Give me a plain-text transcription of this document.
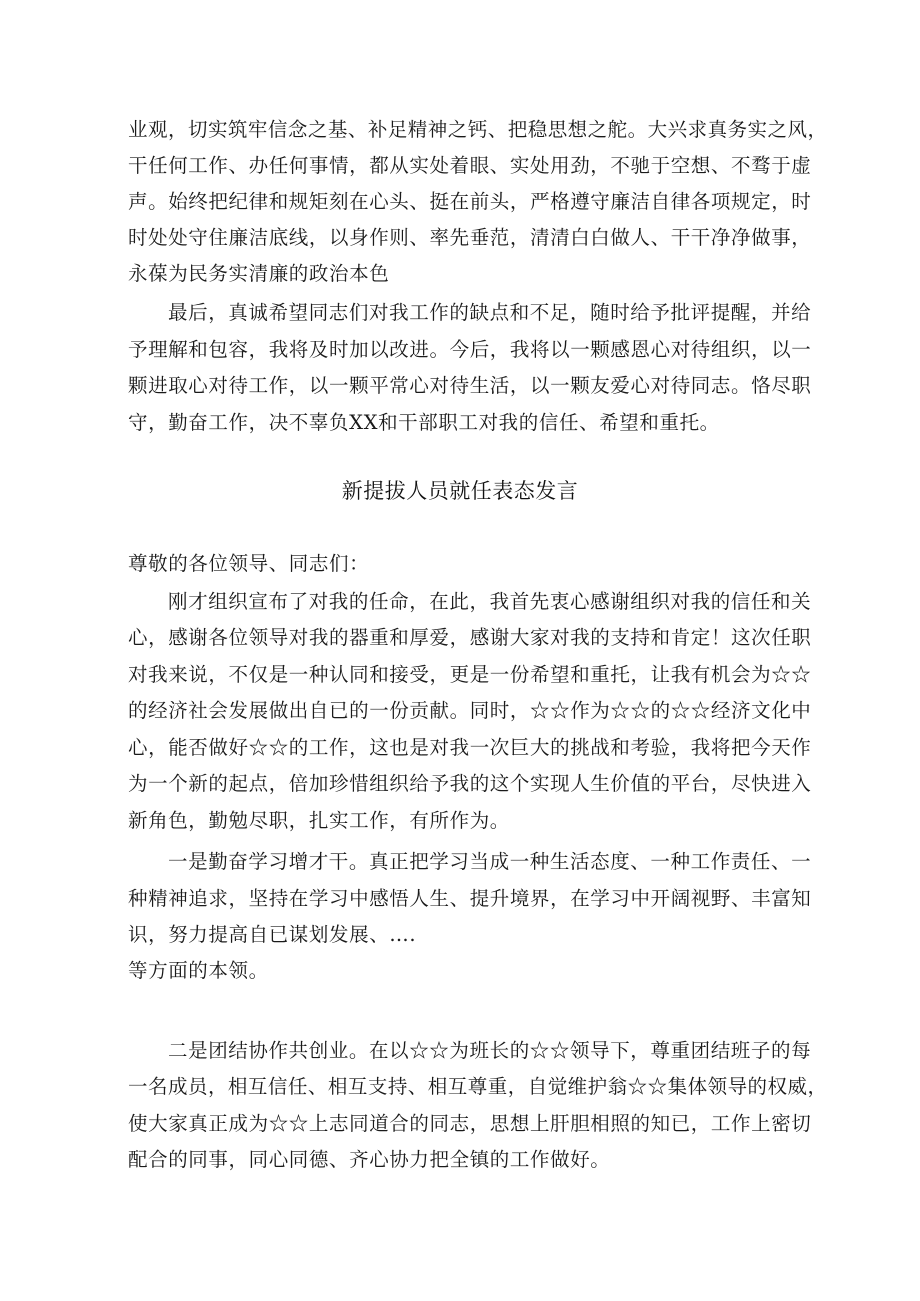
业观，切实筑牢信念之基、补足精神之钙、把稳思想之舵。大兴求真务实之风，
干任何工作、办任何事情，都从实处着眼、实处用劲，不驰于空想、不骛于虚
声。始终把纪律和规矩刻在心头、挺在前头，严格遵守廉洁自律各项规定，时
时处处守住廉洁底线，以身作则、率先垂范，清清白白做人、干干净净做事，
永葆为民务实清廉的政治本色
最后，真诚希望同志们对我工作的缺点和不足，随时给予批评提醒，并给
予理解和包容，我将及时加以改进。今后，我将以一颗感恩心对待组织，以一
颗进取心对待工作，以一颗平常心对待生活，以一颗友爱心对待同志。恪尽职
守，勤奋工作，决不辜负XX和干部职工对我的信任、希望和重托。
新提拔人员就任表态发言
尊敬的各位领导、同志们：
刚才组织宣布了对我的任命，在此，我首先衷心感谢组织对我的信任和关
心，感谢各位领导对我的器重和厚爱，感谢大家对我的支持和肯定！这次任职
对我来说，不仅是一种认同和接受，更是一份希望和重托，让我有机会为☆☆
的经济社会发展做出自已的一份贡献。同时，☆☆作为☆☆的☆☆经济文化中
心，能否做好☆☆的工作，这也是对我一次巨大的挑战和考验，我将把今天作
为一个新的起点，倍加珍惜组织给予我的这个实现人生价值的平台，尽快进入
新角色，勤勉尽职，扎实工作，有所作为。
一是勤奋学习增才干。真正把学习当成一种生活态度、一种工作责任、一
种精神追求，坚持在学习中感悟人生、提升境界，在学习中开阔视野、丰富知
识，努力提高自已谋划发展、….
等方面的本领。
二是团结协作共创业。在以☆☆为班长的☆☆领导下，尊重团结班子的每
一名成员，相互信任、相互支持、相互尊重，自觉维护翁☆☆集体领导的权威，
使大家真正成为☆☆上志同道合的同志，思想上肝胆相照的知已，工作上密切
配合的同事，同心同德、齐心协力把全镇的工作做好。
